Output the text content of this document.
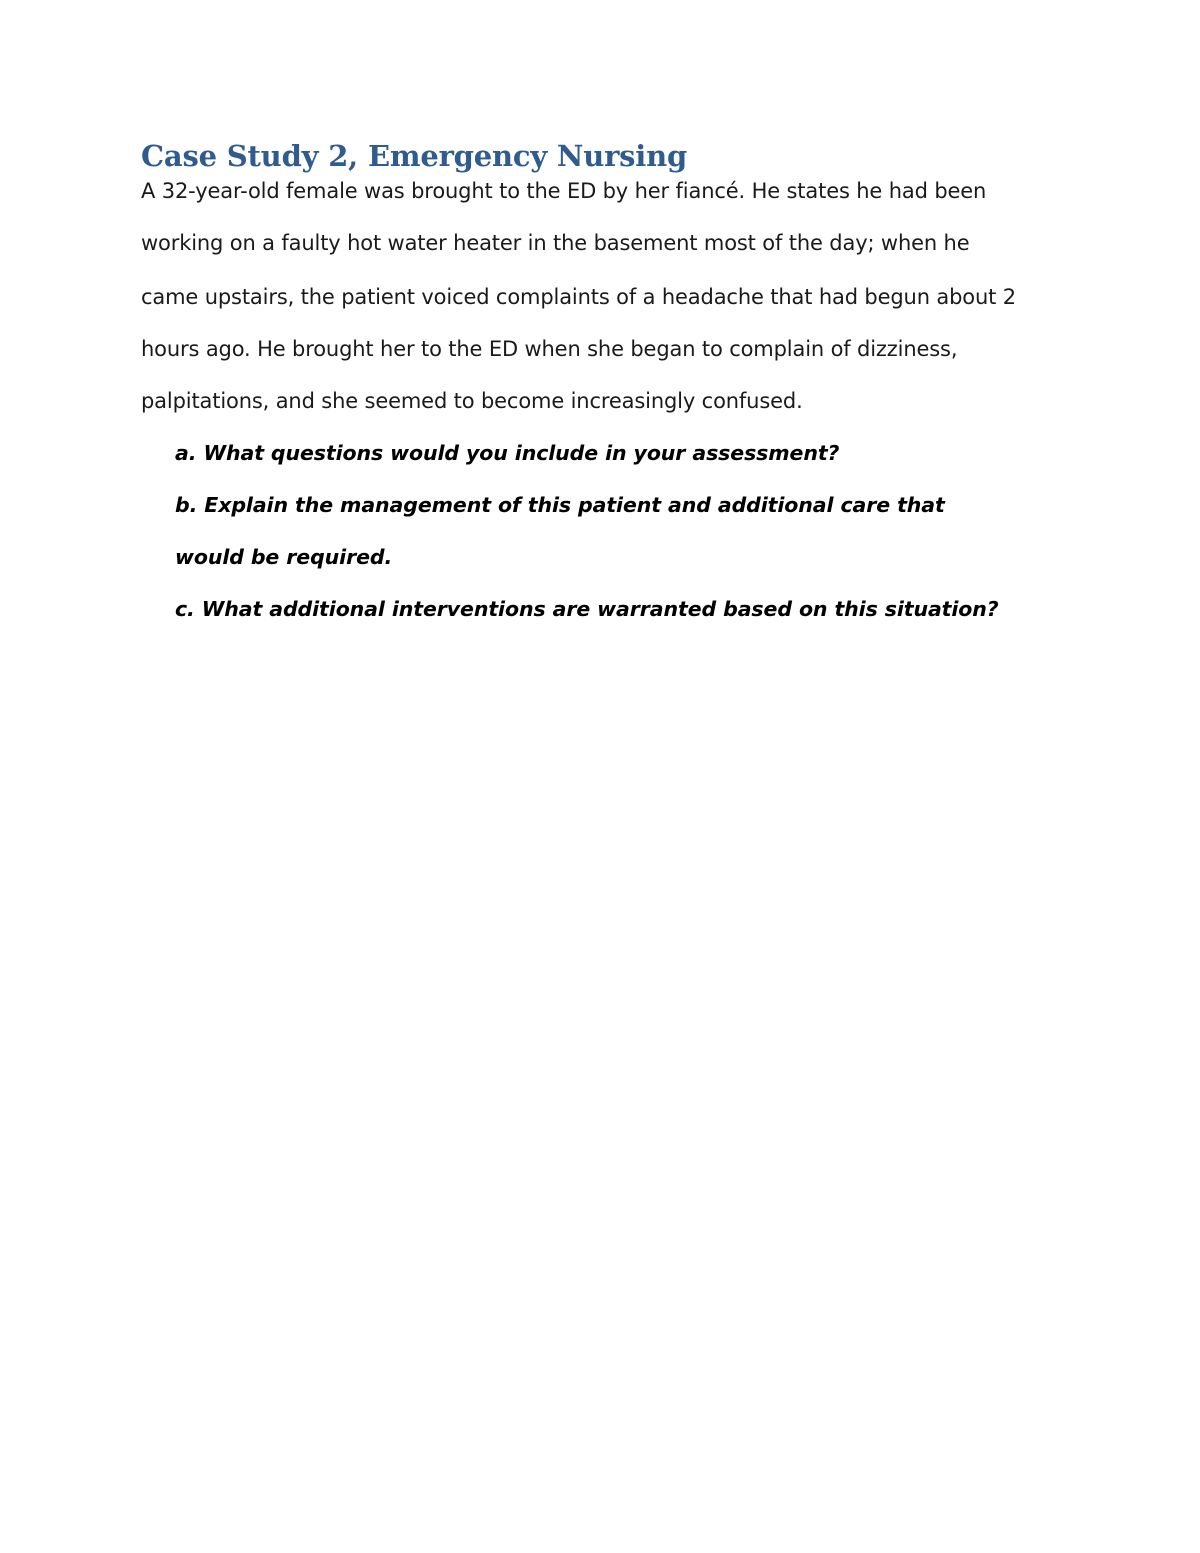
Case Study 2, Emergency Nursing

A 32-year-old female was brought to the ED by her fiancé. He states he had been

working on a faulty hot water heater in the basement most of the day; when he

came upstairs, the patient voiced complaints of a headache that had begun about 2

hours ago. He brought her to the ED when she began to complain of dizziness,

palpitations, and she seemed to become increasingly confused.

a. What questions would you include in your assessment?

b. Explain the management of this patient and additional care that

would be required.

c. What additional interventions are warranted based on this situation?
